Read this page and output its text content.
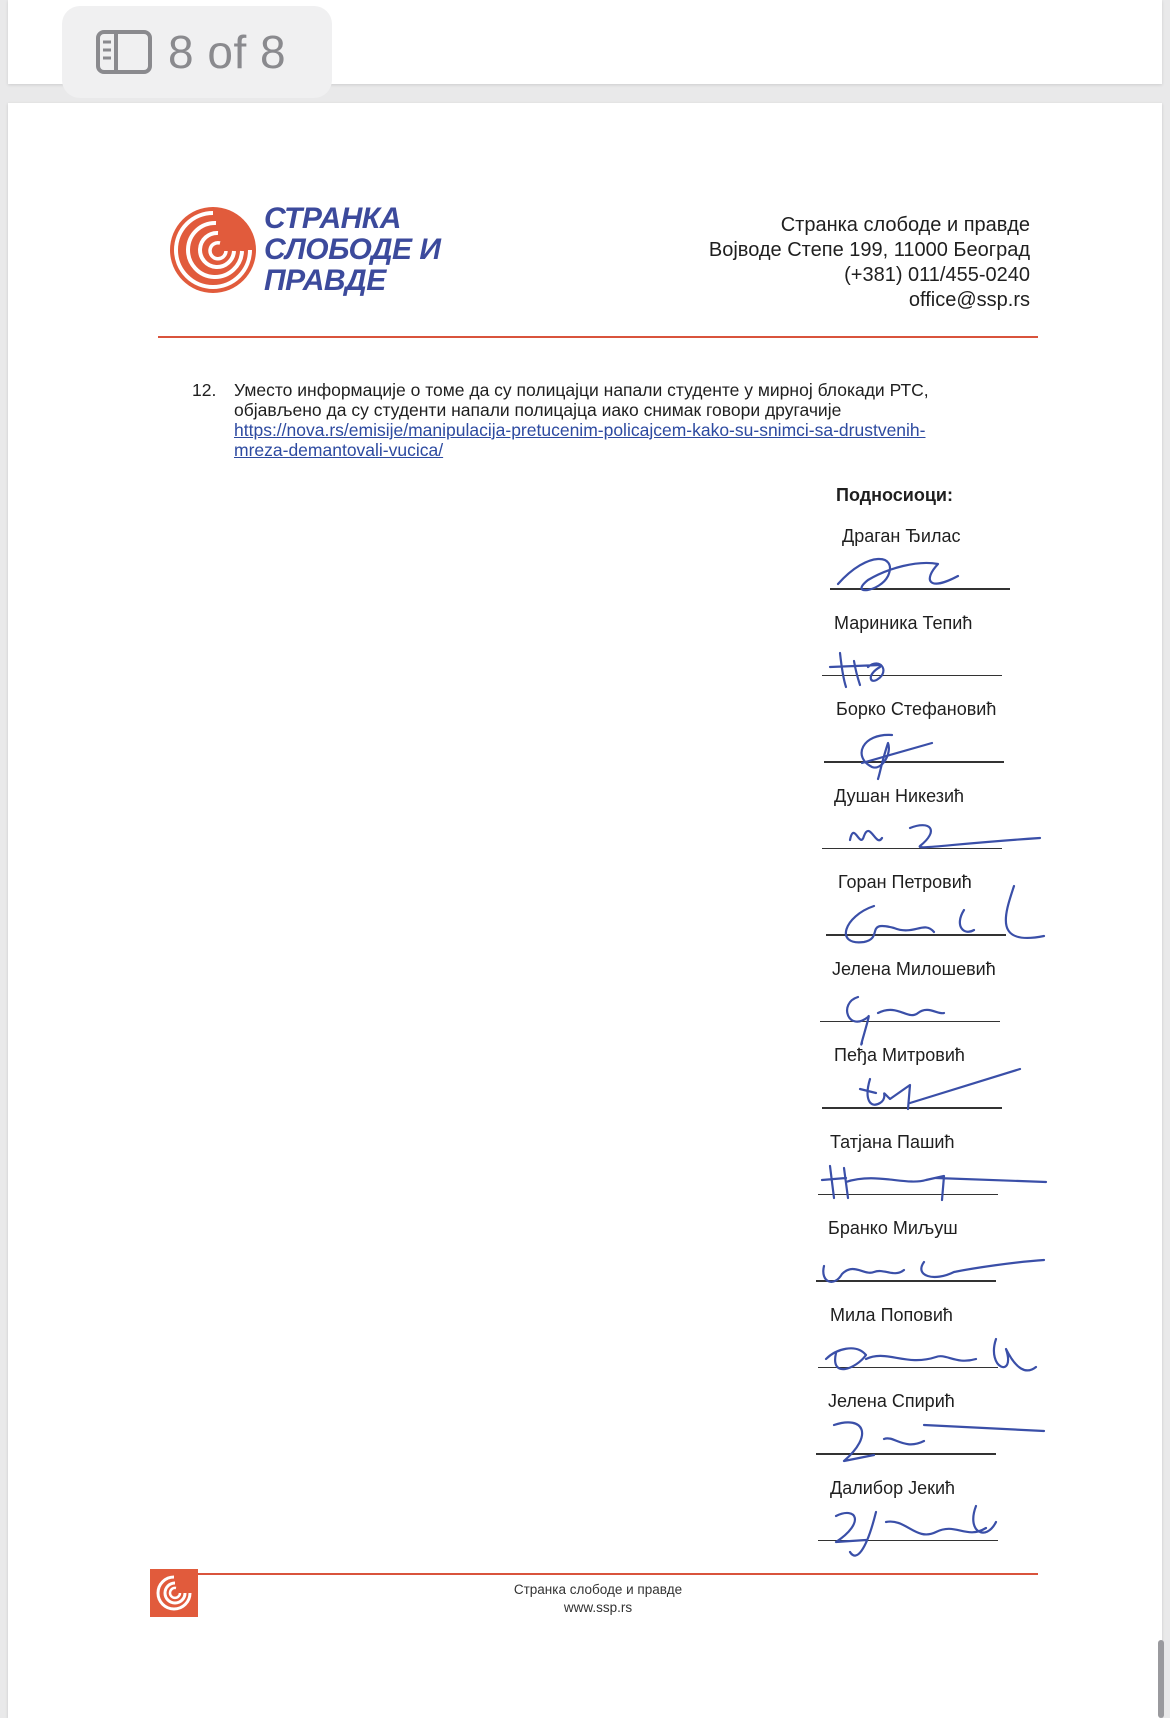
8 of 8
СТРАНКА
СЛОБОДЕ И
ПРАВДЕ
Странка слободе и правде
Војводе Степе 199, 11000 Београд
(+381) 011/455-0240
office@ssp.rs
12. Уместо информације о томе да су полицајци напали студенте у мирној блокади РТС, објављено да су студенти напали полицајца иако снимак говори другачије
https://nova.rs/emisije/manipulacija-pretucenim-policajcem-kako-su-snimci-sa-drustvenih-
mreza-demantovali-vucica/
Подносиоци:
Драган Ђилас
Мариника Тепић
Борко Стефановић
Душан Никезић
Горан Петровић
Јелена Милошевић
Пеђа Митровић
Татјана Пашић
Бранко Миљуш
Мила Поповић
Јелена Спирић
Далибор Јекић
Странка слободе и правде
www.ssp.rs
